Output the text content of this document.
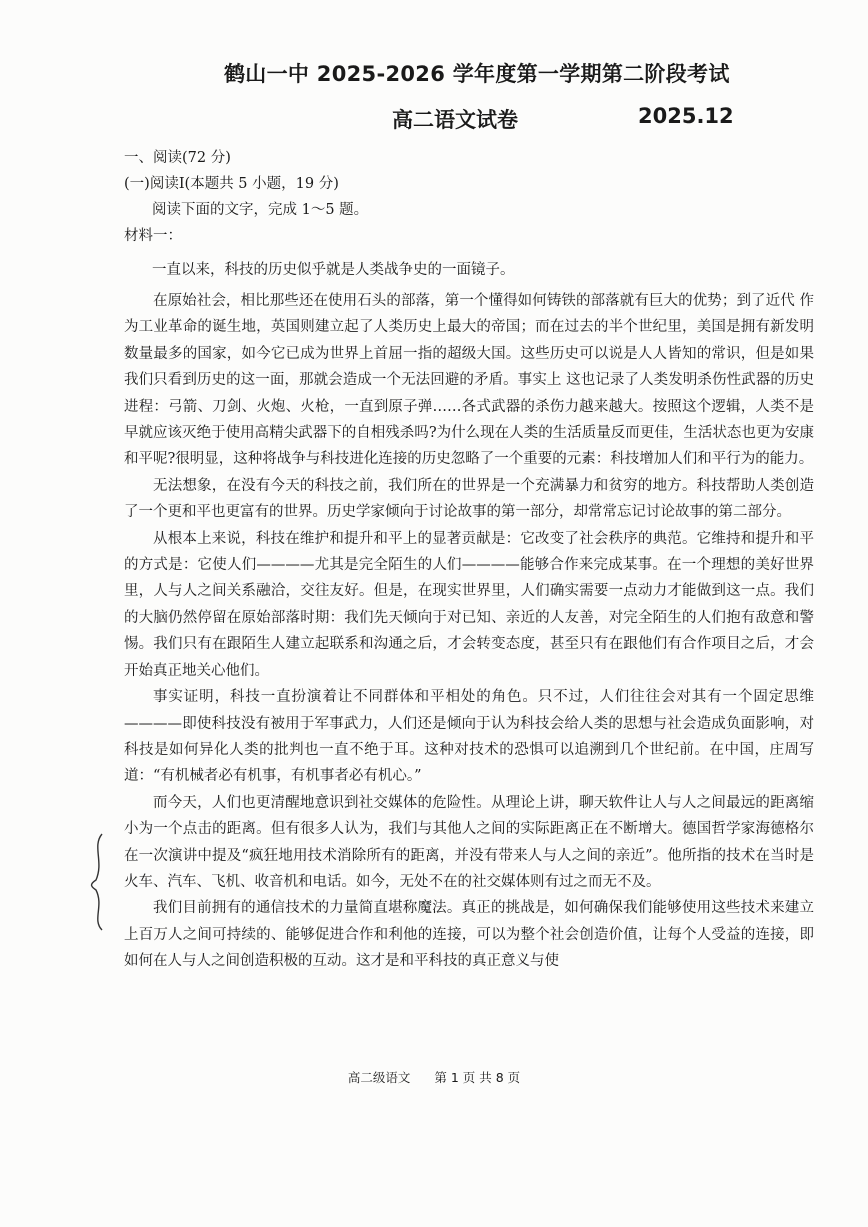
鹤山一中 2025-2026 学年度第一学期第二阶段考试
高二语文试卷	2025.12
一、阅读(72 分)
(一)阅读Ⅰ(本题共 5 小题，19 分)
阅读下面的文字，完成 1～5 题。
材料一：
一直以来，科技的历史似乎就是人类战争史的一面镜子。

在原始社会，相比那些还在使用石头的部落，第一个懂得如何铸铁的部落就有巨大的优势；到了近代 作为工业革命的诞生地，英国则建立起了人类历史上最大的帝国；而在过去的半个世纪里，美国是拥有新发明数量最多的国家，如今它已成为世界上首屈一指的超级大国。这些历史可以说是人人皆知的常识，但是如果我们只看到历史的这一面，那就会造成一个无法回避的矛盾。事实上 这也记录了人类发明杀伤性武器的历史进程：弓箭、刀剑、火炮、火枪，一直到原子弹……各式武器的杀伤力越来越大。按照这个逻辑，人类不是早就应该灭绝于使用高精尖武器下的自相残杀吗?为什么现在人类的生活质量反而更佳，生活状态也更为安康和平呢?很明显，这种将战争与科技进化连接的历史忽略了一个重要的元素：科技增加人们和平行为的能力。

无法想象，在没有今天的科技之前，我们所在的世界是一个充满暴力和贫穷的地方。科技帮助人类创造了一个更和平也更富有的世界。历史学家倾向于讨论故事的第一部分，却常常忘记讨论故事的第二部分。

从根本上来说，科技在维护和提升和平上的显著贡献是：它改变了社会秩序的典范。它维持和提升和平的方式是：它使人们————尤其是完全陌生的人们————能够合作来完成某事。在一个理想的美好世界里，人与人之间关系融洽，交往友好。但是，在现实世界里，人们确实需要一点动力才能做到这一点。我们的大脑仍然停留在原始部落时期：我们先天倾向于对已知、亲近的人友善，对完全陌生的人们抱有敌意和警惕。我们只有在跟陌生人建立起联系和沟通之后，才会转变态度，甚至只有在跟他们有合作项目之后，才会开始真正地关心他们。

事实证明，科技一直扮演着让不同群体和平相处的角色。只不过，人们往往会对其有一个固定思维————即使科技没有被用于军事武力，人们还是倾向于认为科技会给人类的思想与社会造成负面影响，对科技是如何异化人类的批判也一直不绝于耳。这种对技术的恐惧可以追溯到几个世纪前。在中国，庄周写道：“有机械者必有机事，有机事者必有机心。”

而今天，人们也更清醒地意识到社交媒体的危险性。从理论上讲，聊天软件让人与人之间最远的距离缩小为一个点击的距离。但有很多人认为，我们与其他人之间的实际距离正在不断增大。德国哲学家海德格尔在一次演讲中提及“疯狂地用技术消除所有的距离，并没有带来人与人之间的亲近”。他所指的技术在当时是火车、汽车、飞机、收音机和电话。如今，无处不在的社交媒体则有过之而无不及。

我们目前拥有的通信技术的力量简直堪称魔法。真正的挑战是，如何确保我们能够使用这些技术来建立上百万人之间可持续的、能够促进合作和利他的连接，可以为整个社会创造价值，让每个人受益的连接，即如何在人与人之间创造积极的互动。这才是和平科技的真正意义与使

高二级语文 第 1 页 共 8 页
